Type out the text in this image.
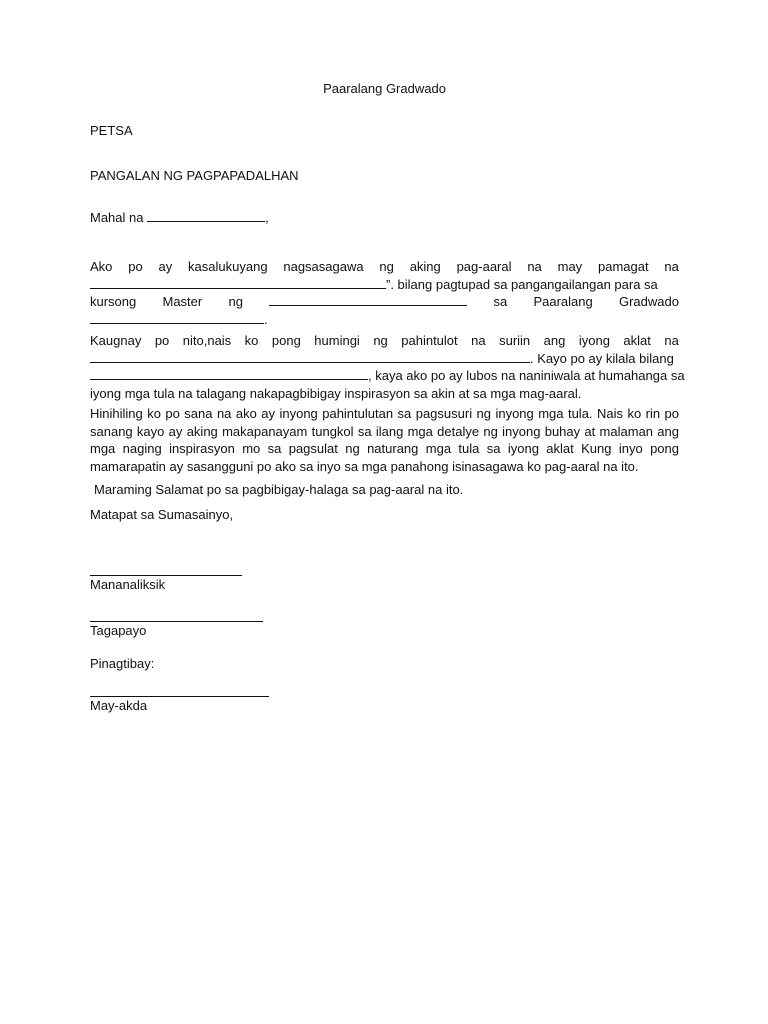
Paaralang Gradwado
PETSA
PANGALAN NG PAGPAPADALHAN
Mahal na	,
Ako po ay kasalukuyang nagsasagawa ng aking pag-aaral na may pamagat na
”. bilang pagtupad sa pangangailangan para sa
kursong Master ng	sa Paaralang Gradwado
.
Kaugnay po nito,nais ko pong humingi ng pahintulot na suriin ang iyong aklat na
. Kayo po ay kilala bilang
, kaya ako po ay lubos na naniniwala at humahanga sa
iyong mga tula na talagang nakapagbibigay inspirasyon sa akin at sa mga mag-aaral.
Hinihiling ko po sana na ako ay inyong pahintulutan sa pagsusuri ng inyong mga tula. Nais ko rin po sanang kayo ay aking makapanayam tungkol sa ilang mga detalye ng inyong buhay at malaman ang mga naging inspirasyon mo sa pagsulat ng naturang mga tula sa iyong aklat Kung inyo pong mamarapatin ay sasangguni po ako sa inyo sa mga panahong isinasagawa ko pag-aaral na ito.
Maraming Salamat po sa pagbibigay-halaga sa pag-aaral na ito.
Matapat sa Sumasainyo,
Mananaliksik
Tagapayo
Pinagtibay:
May-akda
